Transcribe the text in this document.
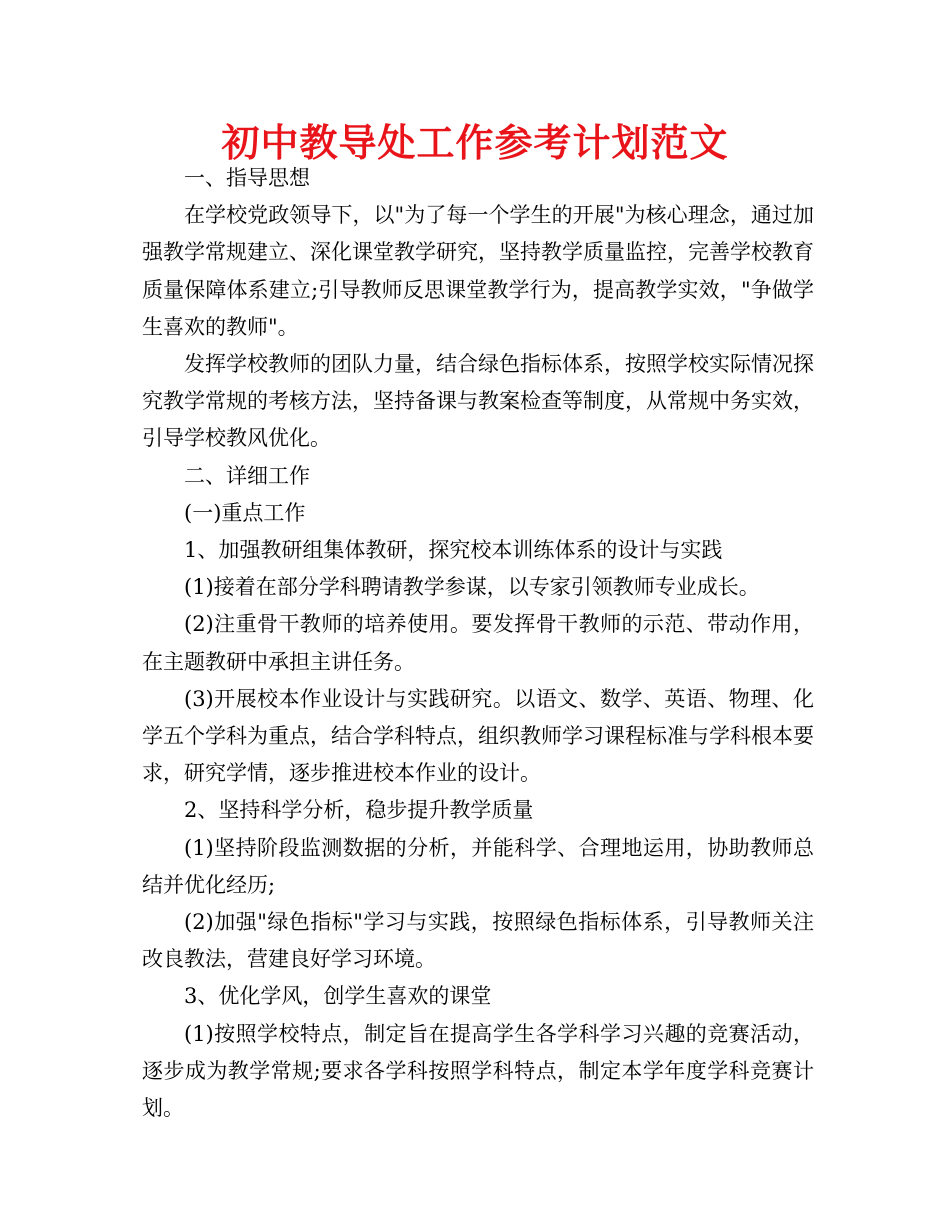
初中教导处工作参考计划范文

一、指导思想

在学校党政领导下，以"为了每一个学生的开展"为核心理念，通过加强教学常规建立、深化课堂教学研究，坚持教学质量监控，完善学校教育质量保障体系建立;引导教师反思课堂教学行为，提高教学实效，"争做学生喜欢的教师"。

发挥学校教师的团队力量，结合绿色指标体系，按照学校实际情况探究教学常规的考核方法，坚持备课与教案检查等制度，从常规中务实效，引导学校教风优化。

二、详细工作

(一)重点工作

1、加强教研组集体教研，探究校本训练体系的设计与实践

(1)接着在部分学科聘请教学参谋，以专家引领教师专业成长。

(2)注重骨干教师的培养使用。要发挥骨干教师的示范、带动作用，在主题教研中承担主讲任务。

(3)开展校本作业设计与实践研究。以语文、数学、英语、物理、化学五个学科为重点，结合学科特点，组织教师学习课程标准与学科根本要求，研究学情，逐步推进校本作业的设计。

2、坚持科学分析，稳步提升教学质量

(1)坚持阶段监测数据的分析，并能科学、合理地运用，协助教师总结并优化经历;

(2)加强"绿色指标"学习与实践，按照绿色指标体系，引导教师关注改良教法，营建良好学习环境。

3、优化学风，创学生喜欢的课堂

(1)按照学校特点，制定旨在提高学生各学科学习兴趣的竞赛活动，逐步成为教学常规;要求各学科按照学科特点，制定本学年度学科竞赛计划。
